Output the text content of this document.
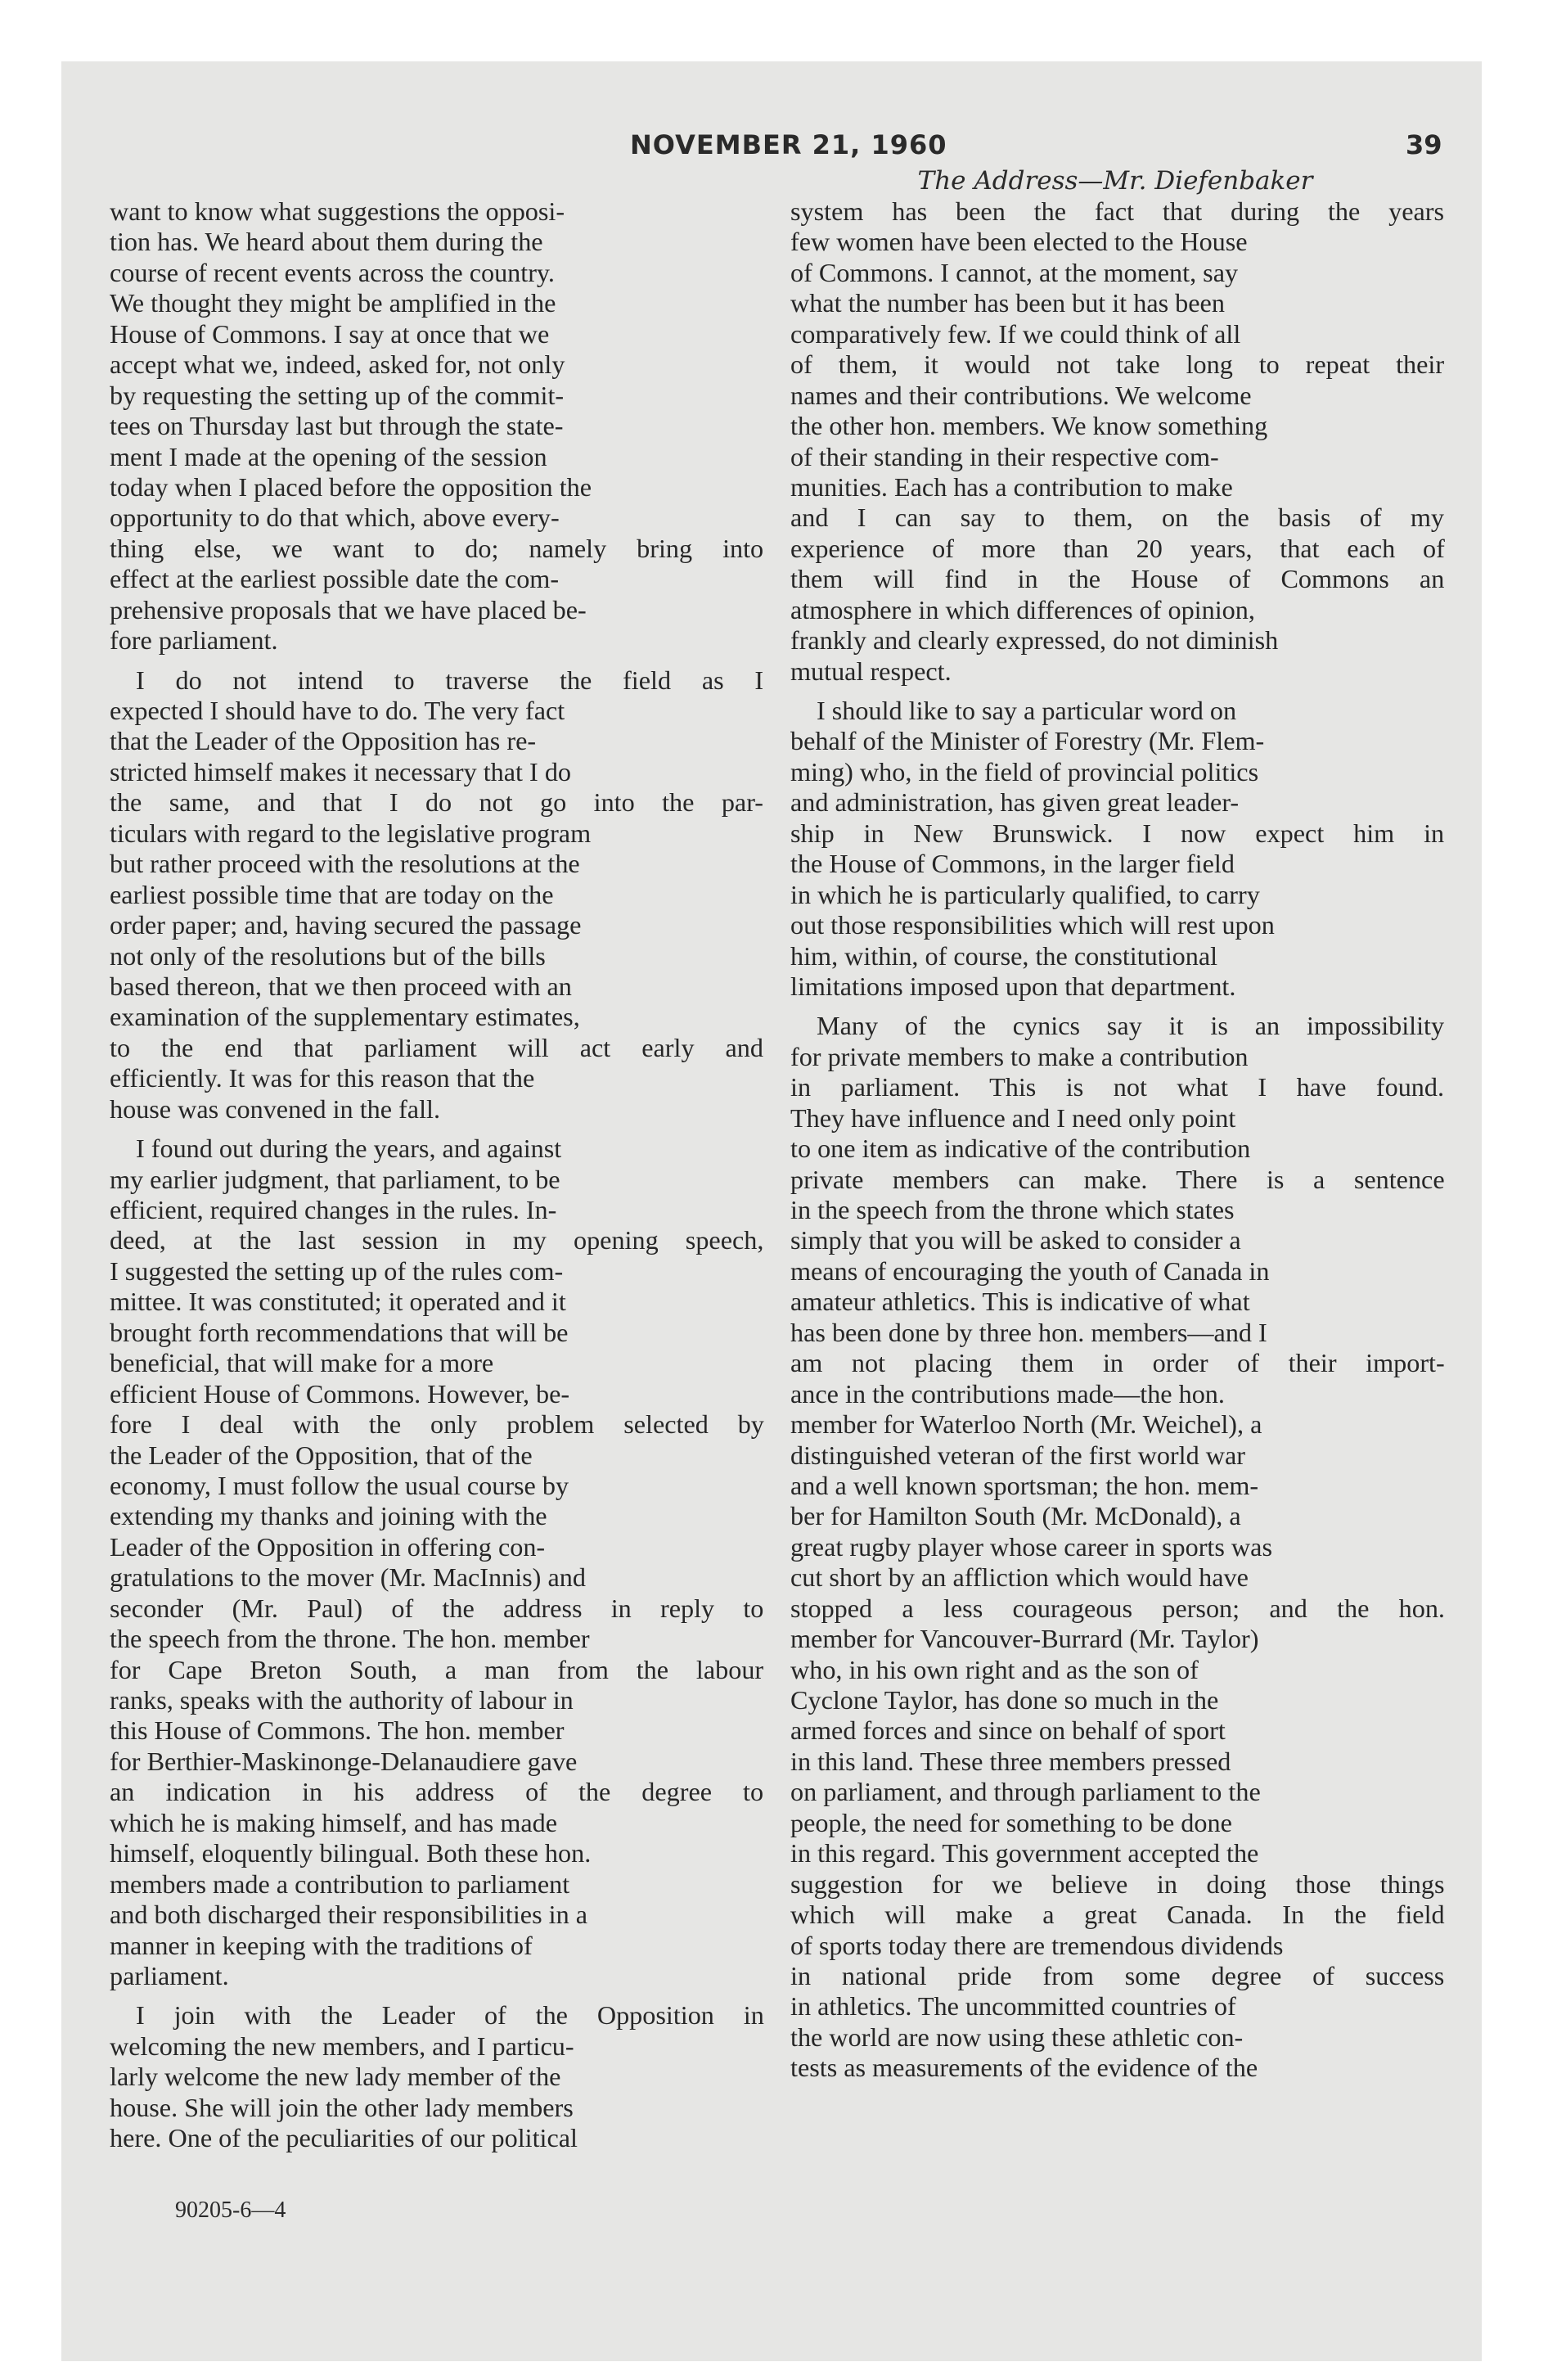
NOVEMBER 21, 1960	39
The Address—Mr. Diefenbaker
want to know what suggestions the opposi-
tion has. We heard about them during the
course of recent events across the country.
We thought they might be amplified in the
House of Commons. I say at once that we
accept what we, indeed, asked for, not only
by requesting the setting up of the commit-
tees on Thursday last but through the state-
ment I made at the opening of the session
today when I placed before the opposition the
opportunity to do that which, above every-
thing else, we want to do; namely bring into
effect at the earliest possible date the com-
prehensive proposals that we have placed be-
fore parliament.
I do not intend to traverse the field as I
expected I should have to do. The very fact
that the Leader of the Opposition has re-
stricted himself makes it necessary that I do
the same, and that I do not go into the par-
ticulars with regard to the legislative program
but rather proceed with the resolutions at the
earliest possible time that are today on the
order paper; and, having secured the passage
not only of the resolutions but of the bills
based thereon, that we then proceed with an
examination of the supplementary estimates,
to the end that parliament will act early and
efficiently. It was for this reason that the
house was convened in the fall.
I found out during the years, and against
my earlier judgment, that parliament, to be
efficient, required changes in the rules. In-
deed, at the last session in my opening speech,
I suggested the setting up of the rules com-
mittee. It was constituted; it operated and it
brought forth recommendations that will be
beneficial, that will make for a more
efficient House of Commons. However, be-
fore I deal with the only problem selected by
the Leader of the Opposition, that of the
economy, I must follow the usual course by
extending my thanks and joining with the
Leader of the Opposition in offering con-
gratulations to the mover (Mr. MacInnis) and
seconder (Mr. Paul) of the address in reply to
the speech from the throne. The hon. member
for Cape Breton South, a man from the labour
ranks, speaks with the authority of labour in
this House of Commons. The hon. member
for Berthier-Maskinonge-Delanaudiere gave
an indication in his address of the degree to
which he is making himself, and has made
himself, eloquently bilingual. Both these hon.
members made a contribution to parliament
and both discharged their responsibilities in a
manner in keeping with the traditions of
parliament.
I join with the Leader of the Opposition in
welcoming the new members, and I particu-
larly welcome the new lady member of the
house. She will join the other lady members
here. One of the peculiarities of our political
system has been the fact that during the years
few women have been elected to the House
of Commons. I cannot, at the moment, say
what the number has been but it has been
comparatively few. If we could think of all
of them, it would not take long to repeat their
names and their contributions. We welcome
the other hon. members. We know something
of their standing in their respective com-
munities. Each has a contribution to make
and I can say to them, on the basis of my
experience of more than 20 years, that each of
them will find in the House of Commons an
atmosphere in which differences of opinion,
frankly and clearly expressed, do not diminish
mutual respect.
I should like to say a particular word on
behalf of the Minister of Forestry (Mr. Flem-
ming) who, in the field of provincial politics
and administration, has given great leader-
ship in New Brunswick. I now expect him in
the House of Commons, in the larger field
in which he is particularly qualified, to carry
out those responsibilities which will rest upon
him, within, of course, the constitutional
limitations imposed upon that department.
Many of the cynics say it is an impossibility
for private members to make a contribution
in parliament. This is not what I have found.
They have influence and I need only point
to one item as indicative of the contribution
private members can make. There is a sentence
in the speech from the throne which states
simply that you will be asked to consider a
means of encouraging the youth of Canada in
amateur athletics. This is indicative of what
has been done by three hon. members—and I
am not placing them in order of their import-
ance in the contributions made—the hon.
member for Waterloo North (Mr. Weichel), a
distinguished veteran of the first world war
and a well known sportsman; the hon. mem-
ber for Hamilton South (Mr. McDonald), a
great rugby player whose career in sports was
cut short by an affliction which would have
stopped a less courageous person; and the hon.
member for Vancouver-Burrard (Mr. Taylor)
who, in his own right and as the son of
Cyclone Taylor, has done so much in the
armed forces and since on behalf of sport
in this land. These three members pressed
on parliament, and through parliament to the
people, the need for something to be done
in this regard. This government accepted the
suggestion for we believe in doing those things
which will make a great Canada. In the field
of sports today there are tremendous dividends
in national pride from some degree of success
in athletics. The uncommitted countries of
the world are now using these athletic con-
tests as measurements of the evidence of the
90205-6—4
